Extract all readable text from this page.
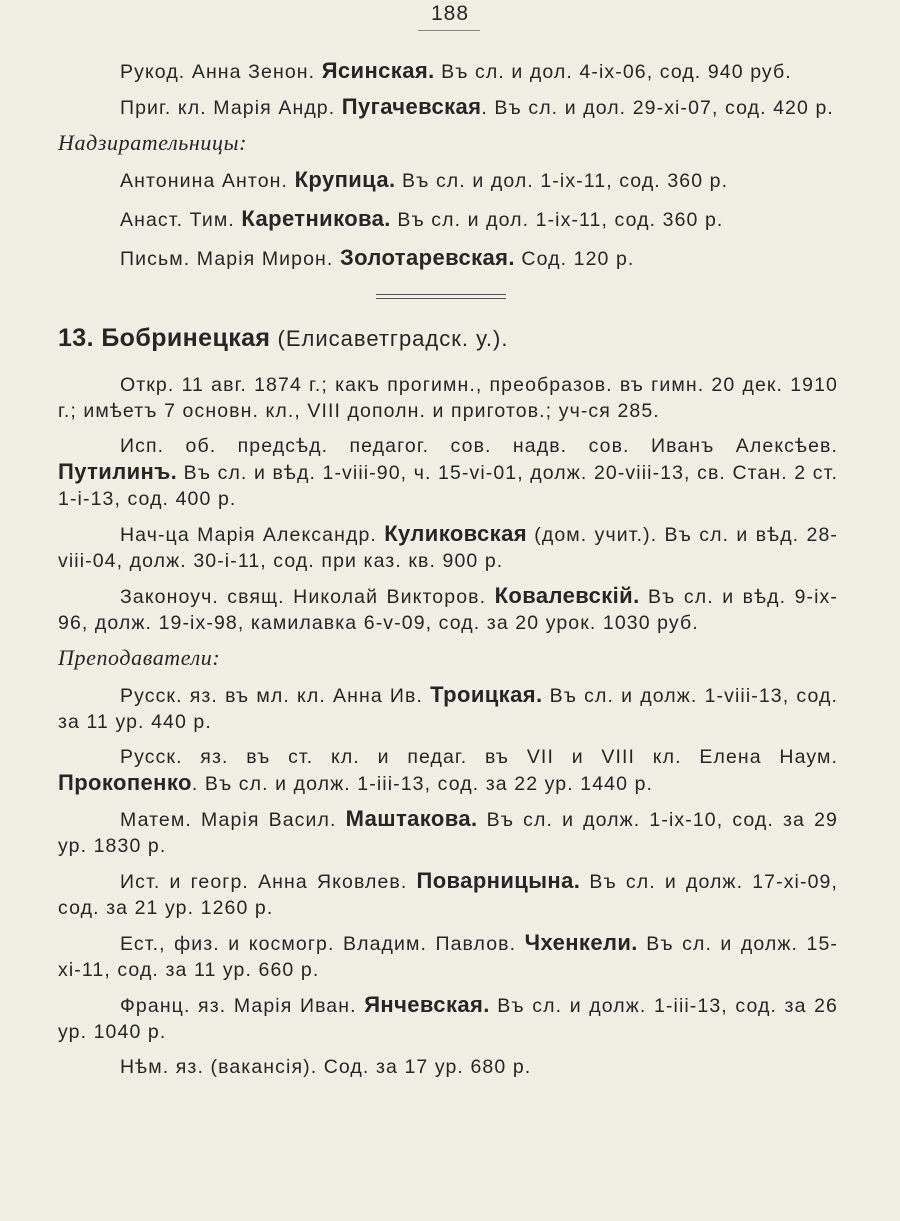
188

Рукод. Анна Зенон. Ясинская. Въ сл. и дол. 4-ix-06, сод. 940 руб.

Приг. кл. Марія Андр. Пугачевская. Въ сл. и дол. 29-xi-07, сод. 420 р.

Надзирательницы:

Антонина Антон. Крупица. Въ сл. и дол. 1-ix-11, сод. 360 р.

Анаст. Тим. Каретникова. Въ сл. и дол. 1-ix-11, сод. 360 р.

Письм. Марія Мирон. Золотаревская. Сод. 120 р.

13. Бобринецкая (Елисаветградск. у.).

Откр. 11 авг. 1874 г.; какъ прогимн., преобразов. въ гимн. 20 дек. 1910 г.; имѣетъ 7 основн. кл., VIII дополн. и приготов.; уч-ся 285.

Исп. об. предсѣд. педагог. сов. надв. сов. Иванъ Алексѣев. Путилинъ. Въ сл. и вѣд. 1-viii-90, ч. 15-vi-01, долж. 20-viii-13, св. Стан. 2 ст. 1-i-13, сод. 400 р.

Нач-ца Марія Александр. Куликовская (дом. учит.). Въ сл. и вѣд. 28-viii-04, долж. 30-i-11, сод. при каз. кв. 900 р.

Законоуч. свящ. Николай Викторов. Ковалевскій. Въ сл. и вѣд. 9-ix-96, долж. 19-ix-98, камилавка 6-v-09, сод. за 20 урок. 1030 руб.

Преподаватели:

Русск. яз. въ мл. кл. Анна Ив. Троицкая. Въ сл. и долж. 1-viii-13, сод. за 11 ур. 440 р.

Русск. яз. въ ст. кл. и педаг. въ VII и VIII кл. Елена Наум. Прокопенко. Въ сл. и долж. 1-iii-13, сод. за 22 ур. 1440 р.

Матем. Марія Васил. Маштакова. Въ сл. и долж. 1-ix-10, сод. за 29 ур. 1830 р.

Ист. и геогр. Анна Яковлев. Поварницына. Въ сл. и долж. 17-xi-09, сод. за 21 ур. 1260 р.

Ест., физ. и космогр. Владим. Павлов. Чхенкели. Въ сл. и долж. 15-xi-11, сод. за 11 ур. 660 р.

Франц. яз. Марія Иван. Янчевская. Въ сл. и долж. 1-iii-13, сод. за 26 ур. 1040 р.

Нѣм. яз. (вакансія). Сод. за 17 ур. 680 р.
